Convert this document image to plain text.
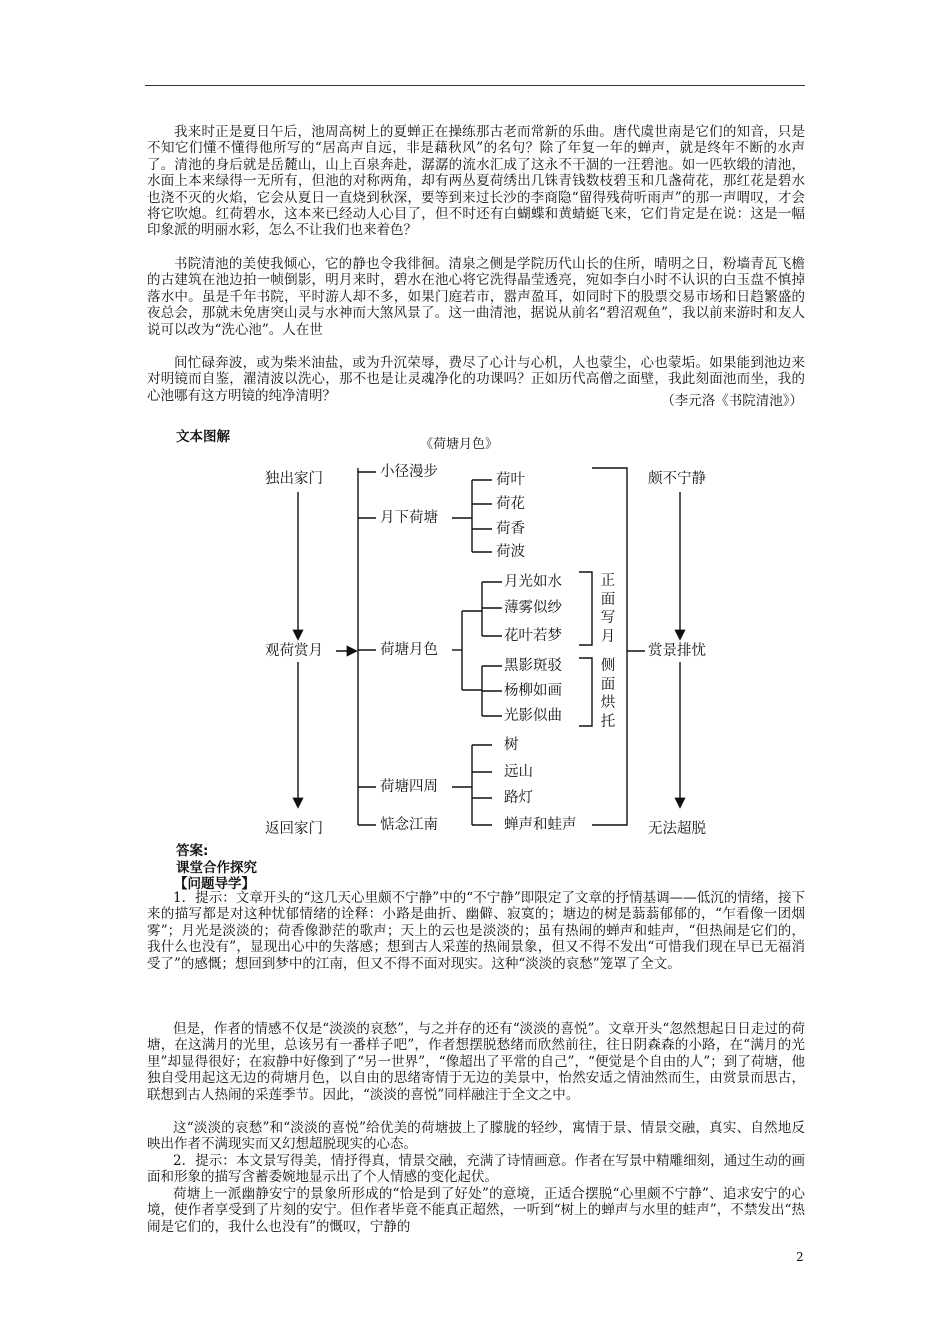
我来时正是夏日午后，池周高树上的夏蝉正在操练那古老而常新的乐曲。唐代虞世南是它们的知音，只是不知它们懂不懂得他所写的“居高声自远，非是藉秋风”的名句？除了年复一年的蝉声，就是终年不断的水声了。清池的身后就是岳麓山，山上百泉奔赴，潺潺的流水汇成了这永不干涸的一汪碧池。如一匹软缎的清池，水面上本来绿得一无所有，但池的对称两角，却有两丛夏荷绣出几铢青钱数枝碧玉和几盏荷花，那红花是碧水也浇不灭的火焰，它会从夏日一直烧到秋深，要等到来过长沙的李商隐“留得残荷听雨声”的那一声喟叹，才会将它吹熄。红荷碧水，这本来已经动人心目了，但不时还有白蝴蝶和黄蜻蜓飞来，它们肯定是在说：这是一幅印象派的明丽水彩，怎么不让我们也来着色？

书院清池的美使我倾心，它的静也令我徘徊。清泉之侧是学院历代山长的住所，晴明之日，粉墙青瓦飞檐的古建筑在池边拍一帧倒影，明月来时，碧水在池心将它洗得晶莹透亮，宛如李白小时不认识的白玉盘不慎掉落水中。虽是千年书院，平时游人却不多，如果门庭若市，嚣声盈耳，如同时下的股票交易市场和日趋繁盛的夜总会，那就未免唐突山灵与水神而大煞风景了。这一曲清池，据说从前名“碧沼观鱼”，我以前来游时和友人说可以改为“洗心池”。人在世

间忙碌奔波，或为柴米油盐，或为升沉荣辱，费尽了心计与心机，人也蒙尘，心也蒙垢。如果能到池边来对明镜而自鉴，濯清波以洗心，那不也是让灵魂净化的功课吗？正如历代高僧之面壁，我此刻面池而坐，我的心池哪有这方明镜的纯净清明？	（李元洛《书院清池》）
文本图解	《荷塘月色》
独出家门
观荷赏月
返回家门
颇不宁静
赏景排忧
无法超脱
小径漫步
月下荷塘
荷塘月色
荷塘四周
惦念江南
荷叶
荷花
荷香
荷波
月光如水
薄雾似纱
花叶若梦
黑影斑驳
杨柳如画
光影似曲
树
远山
路灯
蝉声和蛙声
正面写月
侧面烘托
答案:
课堂合作探究
【问题导学】

1．提示：文章开头的“这几天心里颇不宁静”中的“不宁静”即限定了文章的抒情基调——低沉的情绪，接下来的描写都是对这种忧郁情绪的诠释：小路是曲折、幽僻、寂寞的；塘边的树是蓊蓊郁郁的，“乍看像一团烟雾”；月光是淡淡的；荷香像渺茫的歌声；天上的云也是淡淡的；虽有热闹的蝉声和蛙声，“但热闹是它们的，我什么也没有”，显现出心中的失落感；想到古人采莲的热闹景象，但又不得不发出“可惜我们现在早已无福消受了”的感慨；想回到梦中的江南，但又不得不面对现实。这种“淡淡的哀愁”笼罩了全文。

但是，作者的情感不仅是“淡淡的哀愁”，与之并存的还有“淡淡的喜悦”。文章开头“忽然想起日日走过的荷塘，在这满月的光里，总该另有一番样子吧”，作者想摆脱愁绪而欣然前往，往日阴森森的小路，在“满月的光里”却显得很好；在寂静中好像到了“另一世界”，“像超出了平常的自己”，“便觉是个自由的人”；到了荷塘，他独自受用起这无边的荷塘月色，以自由的思绪寄情于无边的美景中，怡然安适之情油然而生，由赏景而思古，联想到古人热闹的采莲季节。因此，“淡淡的喜悦”同样融注于全文之中。

这“淡淡的哀愁”和“淡淡的喜悦”给优美的荷塘披上了朦胧的轻纱，寓情于景、情景交融，真实、自然地反映出作者不满现实而又幻想超脱现实的心态。

2．提示：本文景写得美，情抒得真，情景交融，充满了诗情画意。作者在写景中精雕细刻，通过生动的画面和形象的描写含蓄委婉地显示出了个人情感的变化起伏。

荷塘上一派幽静安宁的景象所形成的“恰是到了好处”的意境，正适合摆脱“心里颇不宁静”、追求安宁的心境，使作者享受到了片刻的安宁。但作者毕竟不能真正超然，一听到“树上的蝉声与水里的蛙声”，不禁发出“热闹是它们的，我什么也没有”的慨叹，宁静的

2
